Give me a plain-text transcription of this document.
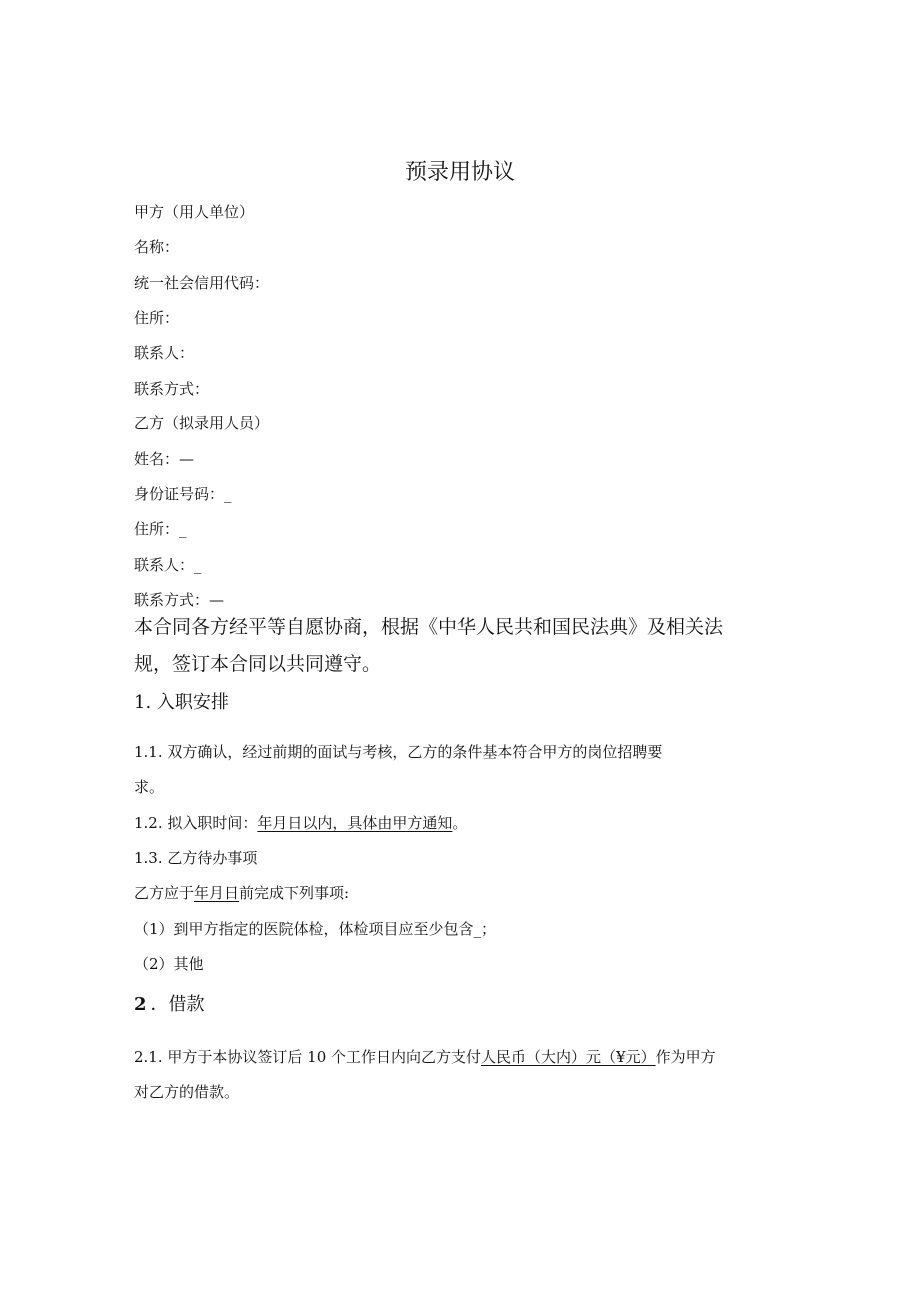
预录用协议
甲方（用人单位）
名称：
统一社会信用代码：
住所：
联系人：
联系方式：
乙方（拟录用人员）
姓名：—
身份证号码：_
住所：_
联系人：_
联系方式：—
本合同各方经平等自愿协商，根据《中华人民共和国民法典》及相关法
规，签订本合同以共同遵守。
1. 入职安排
1.1. 双方确认，经过前期的面试与考核，乙方的条件基本符合甲方的岗位招聘要
求。
1.2. 拟入职时间：年月日以内，具体由甲方通知。
1.3. 乙方待办事项
乙方应于年月日前完成下列事项:
（1）到甲方指定的医院体检，体检项目应至少包含_；
（2）其他
2 ．借款
2.1. 甲方于本协议签订后 10 个工作日内向乙方支付人民币（大内）元（¥元）作为甲方
对乙方的借款。
